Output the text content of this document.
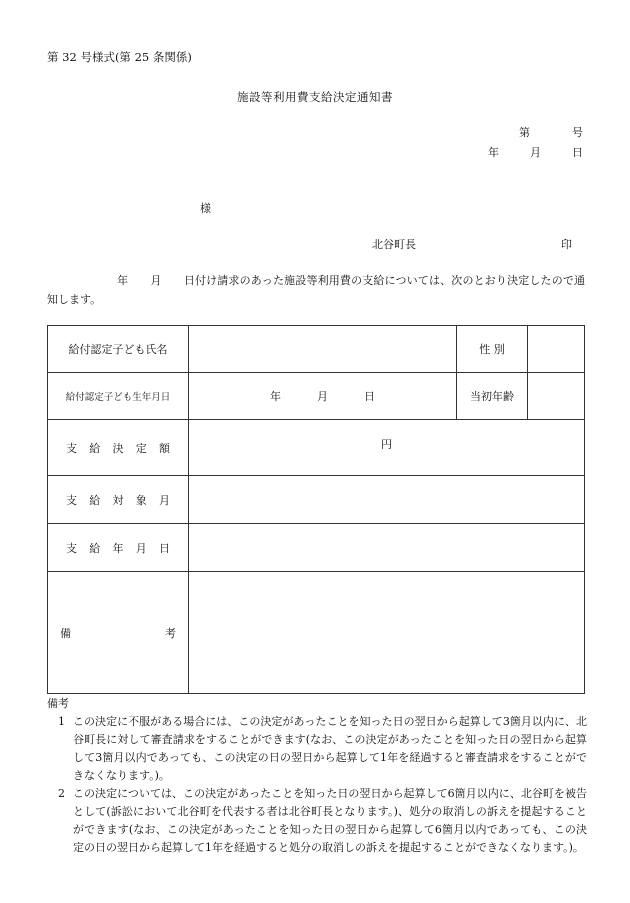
第 32 号様式(第 25 条関係)
施設等利用費支給決定通知書
第	号
年	月	日
様
北谷町長	印
年 月 日付け請求のあった施設等利用費の支給については、次のとおり決定したので通知します。
給付認定子ども氏名		性 別	
給付認定子ども生年月日	年 月 日	当初年齢	
支給決定額	円		
支給対象月			
支給年月日			
備考			
備考
1 この決定に不服がある場合には、この決定があったことを知った日の翌日から起算して3箇月以内に、北谷町長に対して審査請求をすることができます(なお、この決定があったことを知った日の翌日から起算して3箇月以内であっても、この決定の日の翌日から起算して1年を経過すると審査請求をすることができなくなります。)。
2 この決定については、この決定があったことを知った日の翌日から起算して6箇月以内に、北谷町を被告として(訴訟において北谷町を代表する者は北谷町長となります。)、処分の取消しの訴えを提起することができます(なお、この決定があったことを知った日の翌日から起算して6箇月以内であっても、この決定の日の翌日から起算して1年を経過すると処分の取消しの訴えを提起することができなくなります。)。
